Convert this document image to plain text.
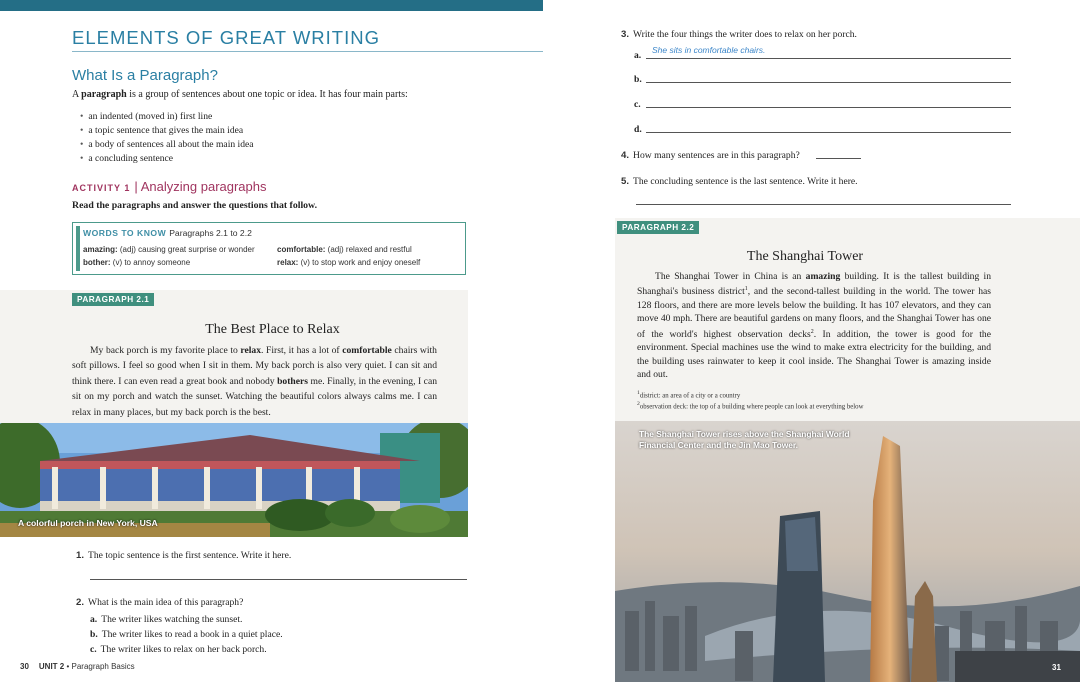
ELEMENTS OF GREAT WRITING
What Is a Paragraph?
A paragraph is a group of sentences about one topic or idea. It has four main parts:
• an indented (moved in) first line
• a topic sentence that gives the main idea
• a body of sentences all about the main idea
• a concluding sentence
ACTIVITY 1 | Analyzing paragraphs
Read the paragraphs and answer the questions that follow.
WORDS TO KNOW Paragraphs 2.1 to 2.2
amazing: (adj) causing great surprise or wonder
bother: (v) to annoy someone
comfortable: (adj) relaxed and restful
relax: (v) to stop work and enjoy oneself
PARAGRAPH 2.1
The Best Place to Relax

My back porch is my favorite place to relax. First, it has a lot of comfortable chairs with soft pillows. I feel so good when I sit in them. My back porch is also very quiet. I can sit and think there. I can even read a great book and nobody bothers me. Finally, in the evening, I can sit on my porch and watch the sunset. Watching the beautiful colors always calms me. I can relax in many places, but my back porch is the best.

A colorful porch in New York, USA
1. The topic sentence is the first sentence. Write it here.
2. What is the main idea of this paragraph?
a. The writer likes watching the sunset.
b. The writer likes to read a book in a quiet place.
c. The writer likes to relax on her back porch.
30 UNIT 2 • Paragraph Basics
3. Write the four things the writer does to relax on her porch.
a. She sits in comfortable chairs.
b.
c.
d.
4. How many sentences are in this paragraph?
5. The concluding sentence is the last sentence. Write it here.
PARAGRAPH 2.2
The Shanghai Tower

The Shanghai Tower in China is an amazing building. It is the tallest building in Shanghai's business district$^1$, and the second-tallest building in the world. The tower has 128 floors, and there are more levels below the building. It has 107 elevators, and they can move 40 mph. There are beautiful gardens on many floors, and the Shanghai Tower has one of the world's highest observation decks$^2$. In addition, the tower is good for the environment. Special machines use the wind to make extra electricity for the building, and the building uses rainwater to keep it cool inside. The Shanghai Tower is amazing inside and out.

$^1$district: an area of a city or a country
$^2$observation deck: the top of a building where people can look at everything below
The Shanghai Tower rises above the Shanghai World Financial Center and the Jin Mao Tower.
31
